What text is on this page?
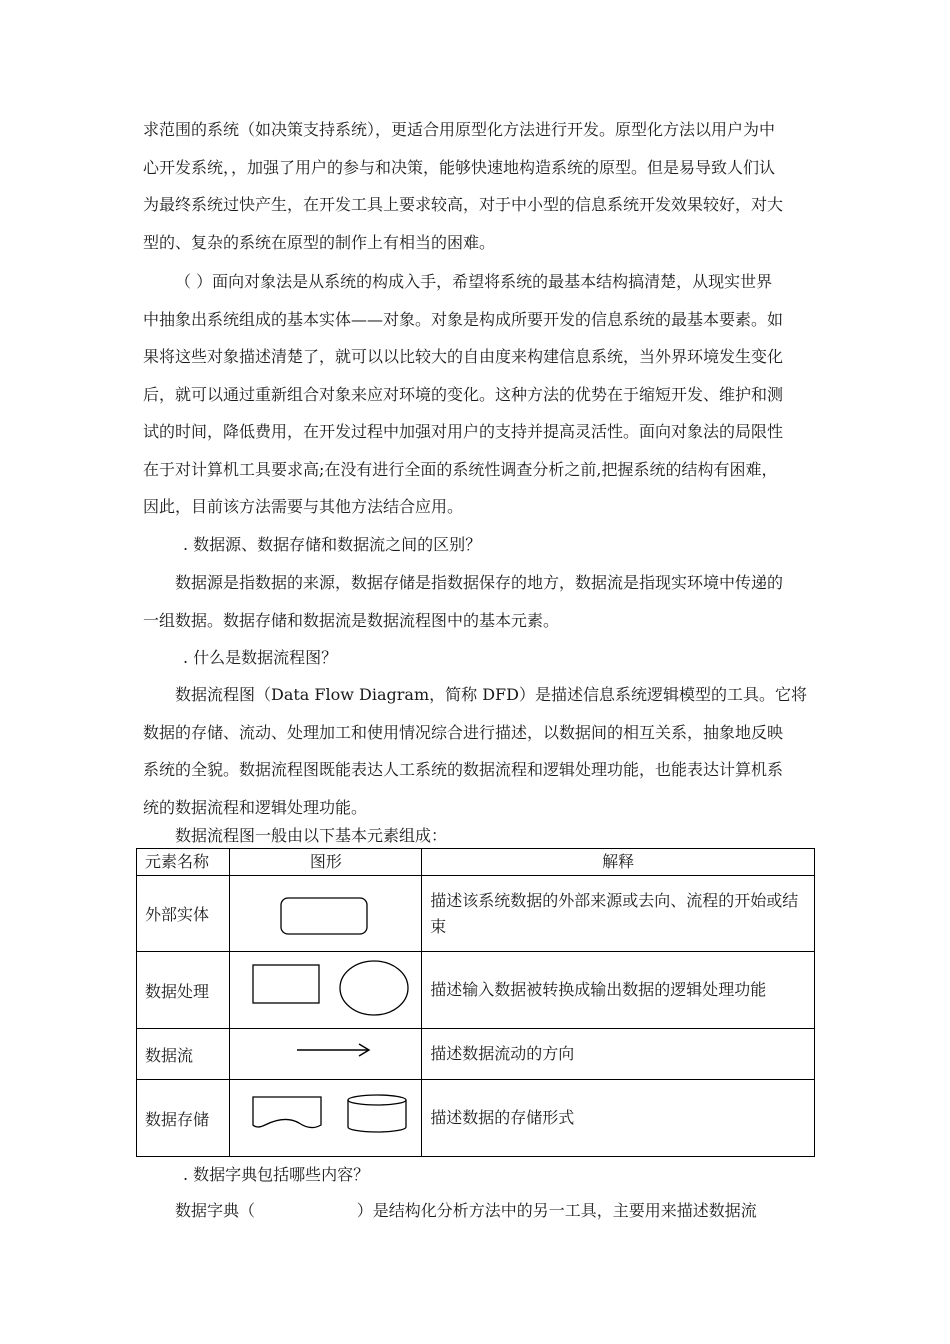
求范围的系统（如决策支持系统），更适合用原型化方法进行开发。原型化方法以用户为中
心开发系统，，加强了用户的参与和决策，能够快速地构造系统的原型。但是易导致人们认
为最终系统过快产生，在开发工具上要求较高，对于中小型的信息系统开发效果较好，对大
型的、复杂的系统在原型的制作上有相当的困难。
（ ）面向对象法是从系统的构成入手，希望将系统的最基本结构搞清楚，从现实世界
中抽象出系统组成的基本实体——对象。对象是构成所要开发的信息系统的最基本要素。如
果将这些对象描述清楚了，就可以以比较大的自由度来构建信息系统，当外界环境发生变化
后，就可以通过重新组合对象来应对环境的变化。这种方法的优势在于缩短开发、维护和测
试的时间，降低费用，在开发过程中加强对用户的支持并提高灵活性。面向对象法的局限性
在于对计算机工具要求高;在没有进行全面的系统性调查分析之前,把握系统的结构有困难，
因此，目前该方法需要与其他方法结合应用。
. 数据源、数据存储和数据流之间的区别？
数据源是指数据的来源，数据存储是指数据保存的地方，数据流是指现实环境中传递的
一组数据。数据存储和数据流是数据流程图中的基本元素。
. 什么是数据流程图？
数据流程图（Data Flow Diagram，简称 DFD）是描述信息系统逻辑模型的工具。它将
数据的存储、流动、处理加工和使用情况综合进行描述，以数据间的相互关系，抽象地反映
系统的全貌。数据流程图既能表达人工系统的数据流程和逻辑处理功能，也能表达计算机系
统的数据流程和逻辑处理功能。
数据流程图一般由以下基本元素组成：
元素名称	图形	解释
外部实体		描述该系统数据的外部来源或去向、流程的开始或结束
数据处理		描述输入数据被转换成输出数据的逻辑处理功能
数据流		描述数据流动的方向
数据存储		描述数据的存储形式
. 数据字典包括哪些内容？
数据字典（                    ）是结构化分析方法中的另一工具，主要用来描述数据流
